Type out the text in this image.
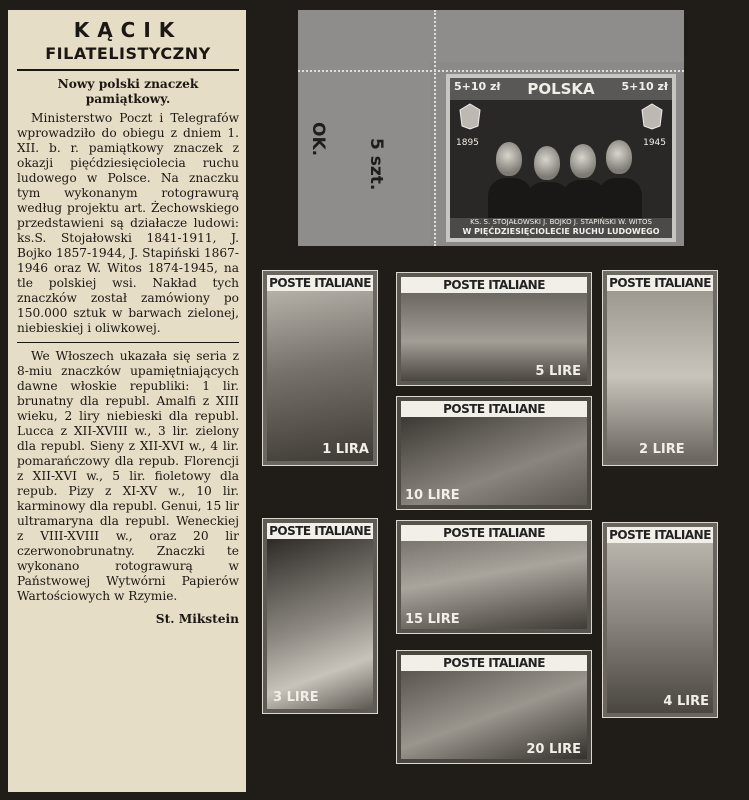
KĄCIK
FILATELISTYCZNY
Nowy polski znaczek pamiątkowy.
Ministerstwo Poczt i Telegrafów wprowadziło do obiegu z dniem 1. XII. b. r. pamiątkowy znaczek z okazji pięćdziesięciolecia ruchu ludowego w Polsce. Na znaczku tym wykonanym rotograwurą według projektu art. Żechowskiego przedstawieni są działacze ludowi: ks.S. Stojałowski 1841-1911, J. Bojko 1857-1944, J. Stapiński 1867-1946 oraz W. Witos 1874-1945, na tle polskiej wsi. Nakład tych znaczków został zamówiony po 150.000 sztuk w barwach zielonej, niebieskiej i oliwkowej.
We Włoszech ukazała się seria z 8-miu znaczków upamiętniających dawne włoskie republiki: 1 lir. brunatny dla republ. Amalfi z XIII wieku, 2 liry niebieski dla republ. Lucca z XII-XVIII w., 3 lir. zielony dla republ. Sieny z XII-XVI w., 4 lir. pomarańczowy dla repub. Florencji z XII-XVI w., 5 lir. fioletowy dla repub. Pizy z XI-XV w., 10 lir. karminowy dla republ. Genui, 15 lir ultramaryna dla republ. Weneckiej z VIII-XVIII w., oraz 20 lir czerwonobrunatny. Znaczki te wykonano rotograwurą w Państwowej Wytwórni Papierów Wartościowych w Rzymie.
St. Mikstein
OK. 5 szt.
POLSKA
5+10 zł	5+10 zł
1895	1945
KS. S. STOJAŁOWSKI J. BOJKO J. STAPIŃSKI W. WITOS
W PIĘĆDZIESIĘCIOLECIE RUCHU LUDOWEGO
POSTE ITALIANE
1 LIRA
POSTE ITALIANE
5 LIRE
POSTE ITALIANE
2 LIRE
POSTE ITALIANE
10 LIRE
POSTE ITALIANE
3 LIRE
POSTE ITALIANE
15 LIRE
POSTE ITALIANE
4 LIRE
POSTE ITALIANE
20 LIRE
